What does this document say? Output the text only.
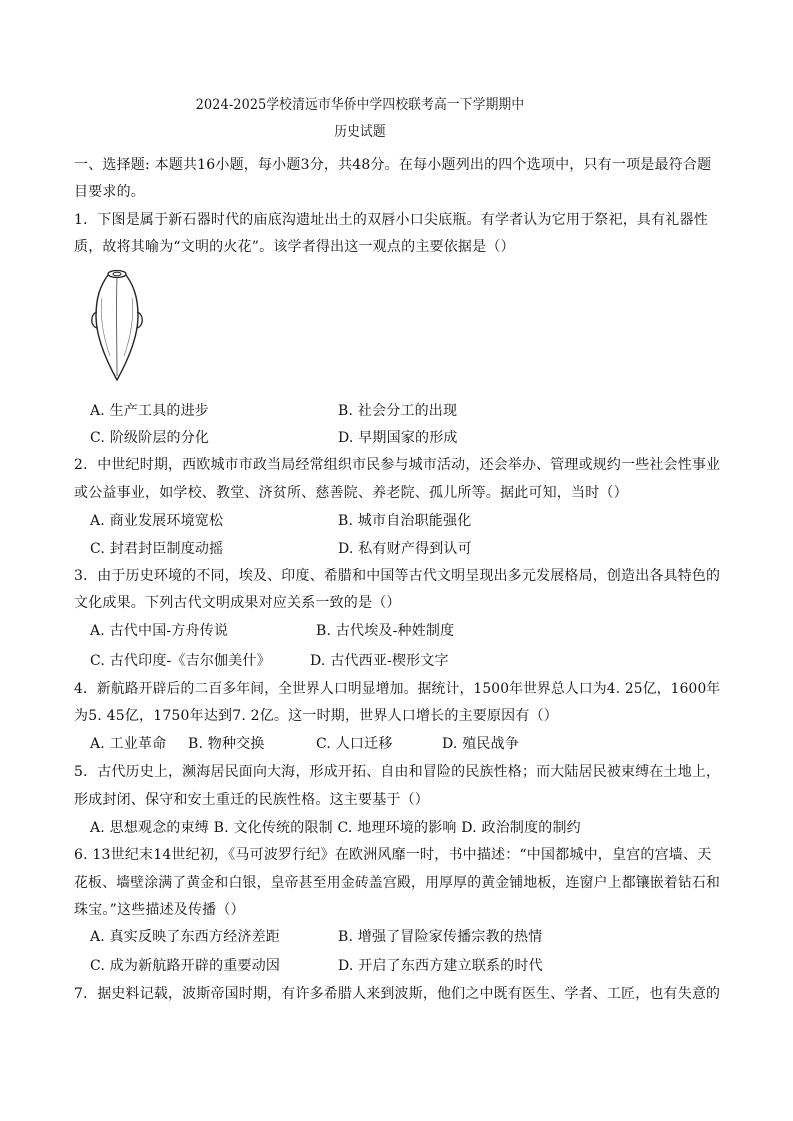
2024-2025学校清远市华侨中学四校联考高一下学期期中
历史试题
一、选择题: 本题共16小题，每小题3分，共48分。在每小题列出的四个选项中，只有一项是最符合题
目要求的。
1．下图是属于新石器时代的庙底沟遗址出土的双唇小口尖底瓶。有学者认为它用于祭祀，具有礼器性
质，故将其喻为“文明的火花”。该学者得出这一观点的主要依据是（）
A. 生产工具的进步	B. 社会分工的出现
C. 阶级阶层的分化	D. 早期国家的形成
2．中世纪时期，西欧城市市政当局经常组织市民参与城市活动，还会举办、管理或规约一些社会性事业
或公益事业，如学校、教堂、济贫所、慈善院、养老院、孤儿所等。据此可知，当时（）
A. 商业发展环境宽松	B. 城市自治职能强化
C. 封君封臣制度动摇	D. 私有财产得到认可
3．由于历史环境的不同，埃及、印度、希腊和中国等古代文明呈现出多元发展格局，创造出各具特色的
文化成果。下列古代文明成果对应关系一致的是（）
A. 古代中国-方舟传说	B. 古代埃及-种姓制度
C. 古代印度-《吉尔伽美什》	D. 古代西亚-楔形文字
4．新航路开辟后的二百多年间，全世界人口明显增加。据统计，1500年世界总人口为4. 25亿，1600年
为5. 45亿，1750年达到7. 2亿。这一时期，世界人口增长的主要原因有（）
A. 工业革命 B. 物种交换	C. 人口迁移	D. 殖民战争
5．古代历史上，濒海居民面向大海，形成开拓、自由和冒险的民族性格；而大陆居民被束缚在土地上，
形成封闭、保守和安土重迁的民族性格。这主要基于（）
A. 思想观念的束缚 B. 文化传统的限制 C. 地理环境的影响 D. 政治制度的制约
6. 13世纪末14世纪初，《马可波罗行纪》在欧洲风靡一时，书中描述：“中国都城中，皇宫的宫墙、天
花板、墙壁涂满了黄金和白银，皇帝甚至用金砖盖宫殿，用厚厚的黄金铺地板，连窗户上都镶嵌着钻石和
珠宝。”这些描述及传播（）
A. 真实反映了东西方经济差距	B. 增强了冒险家传播宗教的热情
C. 成为新航路开辟的重要动因	D. 开启了东西方建立联系的时代
7．据史料记载，波斯帝国时期，有许多希腊人来到波斯，他们之中既有医生、学者、工匠，也有失意的
